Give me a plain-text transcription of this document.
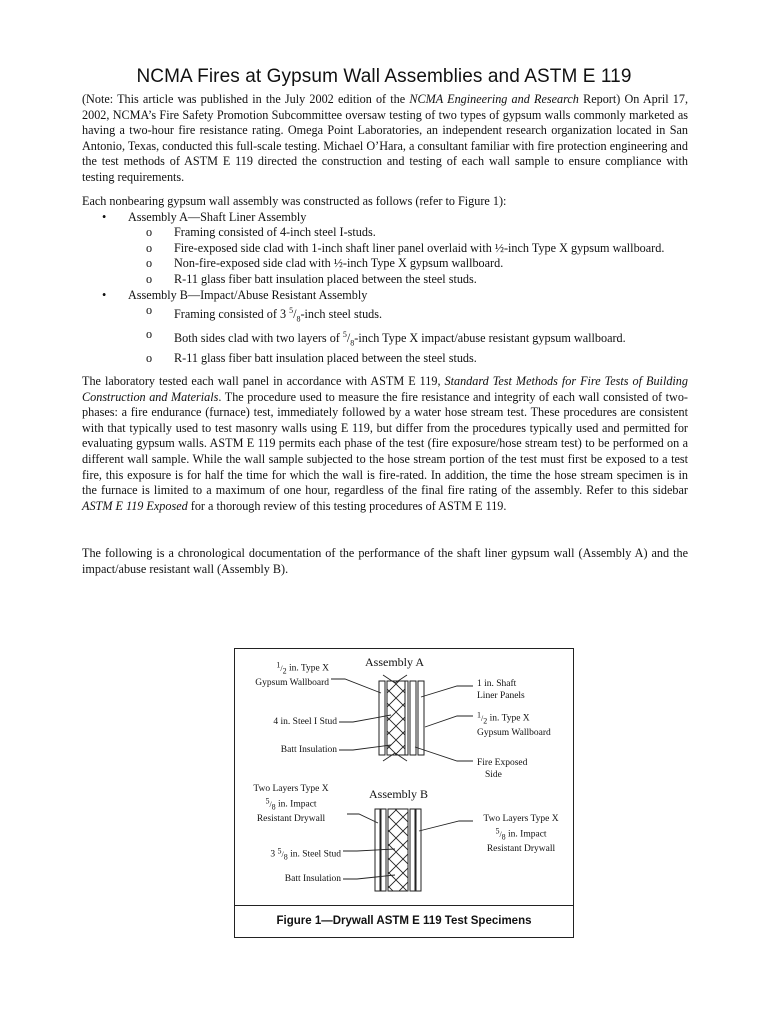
NCMA Fires at Gypsum Wall Assemblies and ASTM E 119
(Note: This article was published in the July 2002 edition of the NCMA Engineering and Research Report) On April 17, 2002, NCMA’s Fire Safety Promotion Subcommittee oversaw testing of two types of gypsum walls commonly marketed as having a two-hour fire resistance rating. Omega Point Laboratories, an independent research organization located in San Antonio, Texas, conducted this full-scale testing. Michael O’Hara, a consultant familiar with fire protection engineering and the test methods of ASTM E 119 directed the construction and testing of each wall sample to ensure compliance with testing requirements.
Each nonbearing gypsum wall assembly was constructed as follows (refer to Figure 1):
•	Assembly A—Shaft Liner Assembly
o	Framing consisted of 4-inch steel I-studs.
o	Fire-exposed side clad with 1-inch shaft liner panel overlaid with ½-inch Type X gypsum wallboard.
o	Non-fire-exposed side clad with ½-inch Type X gypsum wallboard.
o	R-11 glass fiber batt insulation placed between the steel studs.
•	Assembly B—Impact/Abuse Resistant Assembly
o	Framing consisted of 3 $^5/_8$-inch steel studs.
o	Both sides clad with two layers of $^5/_8$-inch Type X impact/abuse resistant gypsum wallboard.
o	R-11 glass fiber batt insulation placed between the steel studs.
The laboratory tested each wall panel in accordance with ASTM E 119, Standard Test Methods for Fire Tests of Building Construction and Materials. The procedure used to measure the fire resistance and integrity of each wall consisted of two-phases: a fire endurance (furnace) test, immediately followed by a water hose stream test. These procedures are consistent with that typically used to test masonry walls using E 119, but differ from the procedures typically used and permitted for evaluating gypsum walls. ASTM E 119 permits each phase of the test (fire exposure/hose stream test) to be performed on a different wall sample. While the wall sample subjected to the hose stream portion of the test must first be exposed to a test fire, this exposure is for half the time for which the wall is fire-rated. In addition, the time the hose stream specimen is in the furnace is limited to a maximum of one hour, regardless of the final fire rating of the assembly. Refer to this sidebar ASTM E 119 Exposed for a thorough review of this testing procedures of ASTM E 119.
The following is a chronological documentation of the performance of the shaft liner gypsum wall (Assembly A) and the impact/abuse resistant wall (Assembly B).
Assembly A
Assembly B
$^1/_2$ in. Type X
Gypsum Wallboard
4 in. Steel I Stud
Batt Insulation
1 in. Shaft
Liner Panels
$^1/_2$ in. Type X
Gypsum Wallboard
Fire Exposed
Side
Two Layers Type X
$^5/_8$ in. Impact
Resistant Drywall
3 $^5/_8$ in. Steel Stud
Batt Insulation
Two Layers Type X
$^5/_8$ in. Impact
Resistant Drywall
Figure 1—Drywall ASTM E 119 Test Specimens
